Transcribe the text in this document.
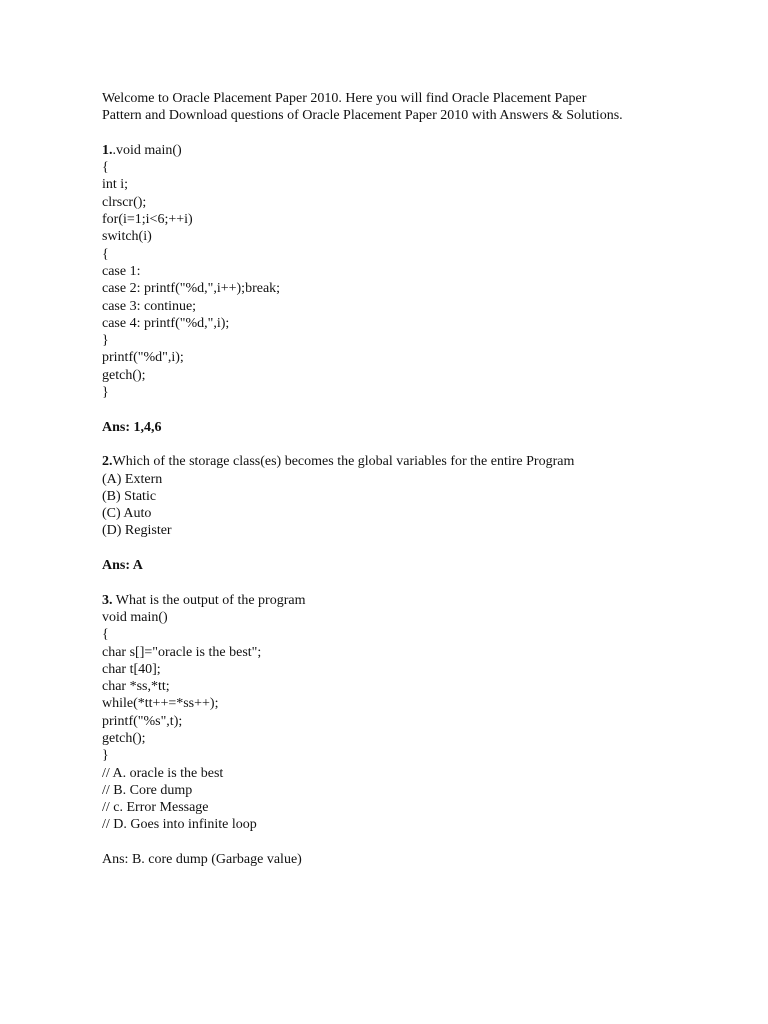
Welcome to Oracle Placement Paper 2010. Here you will find Oracle Placement Paper
Pattern and Download questions of Oracle Placement Paper 2010 with Answers & Solutions.
1..void main()
{
int i;
clrscr();
for(i=1;i<6;++i)
switch(i)
{
case 1:
case 2: printf("%d,",i++);break;
case 3: continue;
case 4: printf("%d,",i);
}
printf("%d",i);
getch();
}
Ans: 1,4,6
2.Which of the storage class(es) becomes the global variables for the entire Program
(A) Extern
(B) Static
(C) Auto
(D) Register
Ans: A
3. What is the output of the program
void main()
{
char s[]="oracle is the best";
char t[40];
char *ss,*tt;
while(*tt++=*ss++);
printf("%s",t);
getch();
}
// A. oracle is the best
// B. Core dump
// c. Error Message
// D. Goes into infinite loop
Ans: B. core dump (Garbage value)
